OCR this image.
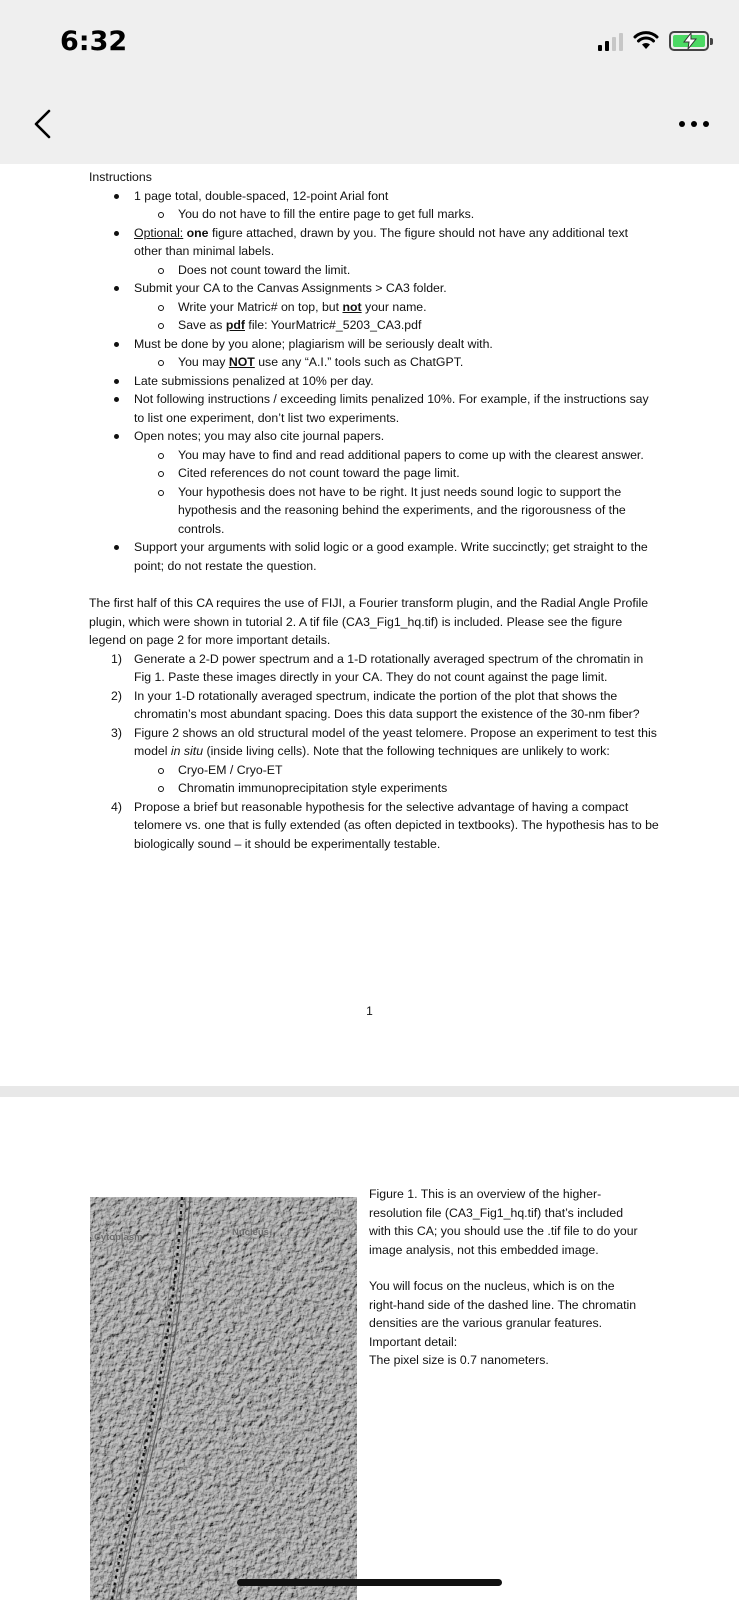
6:32

Instructions

1 page total, double-spaced, 12-point Arial font
You do not have to fill the entire page to get full marks.
Optional: one figure attached, drawn by you. The figure should not have any additional text other than minimal labels.
Does not count toward the limit.
Submit your CA to the Canvas Assignments > CA3 folder.
Write your Matric# on top, but not your name.
Save as pdf file: YourMatric#_5203_CA3.pdf
Must be done by you alone; plagiarism will be seriously dealt with.
You may NOT use any “A.I.” tools such as ChatGPT.
Late submissions penalized at 10% per day.
Not following instructions / exceeding limits penalized 10%. For example, if the instructions say to list one experiment, don’t list two experiments.
Open notes; you may also cite journal papers.
You may have to find and read additional papers to come up with the clearest answer.
Cited references do not count toward the page limit.
Your hypothesis does not have to be right. It just needs sound logic to support the hypothesis and the reasoning behind the experiments, and the rigorousness of the controls.
Support your arguments with solid logic or a good example. Write succinctly; get straight to the point; do not restate the question.

The first half of this CA requires the use of FIJI, a Fourier transform plugin, and the Radial Angle Profile plugin, which were shown in tutorial 2. A tif file (CA3_Fig1_hq.tif) is included. Please see the figure legend on page 2 for more important details.

1) Generate a 2-D power spectrum and a 1-D rotationally averaged spectrum of the chromatin in Fig 1. Paste these images directly in your CA. They do not count against the page limit.
2) In your 1-D rotationally averaged spectrum, indicate the portion of the plot that shows the chromatin’s most abundant spacing. Does this data support the existence of the 30-nm fiber?
3) Figure 2 shows an old structural model of the yeast telomere. Propose an experiment to test this model in situ (inside living cells). Note that the following techniques are unlikely to work:
Cryo-EM / Cryo-ET
Chromatin immunoprecipitation style experiments
4) Propose a brief but reasonable hypothesis for the selective advantage of having a compact telomere vs. one that is fully extended (as often depicted in textbooks). The hypothesis has to be biologically sound – it should be experimentally testable.
1
Cytoplasm	Nucleus

Figure 1. This is an overview of the higher-resolution file (CA3_Fig1_hq.tif) that’s included with this CA; you should use the .tif file to do your image analysis, not this embedded image.

You will focus on the nucleus, which is on the right-hand side of the dashed line. The chromatin densities are the various granular features. Important detail:

The pixel size is 0.7 nanometers.
